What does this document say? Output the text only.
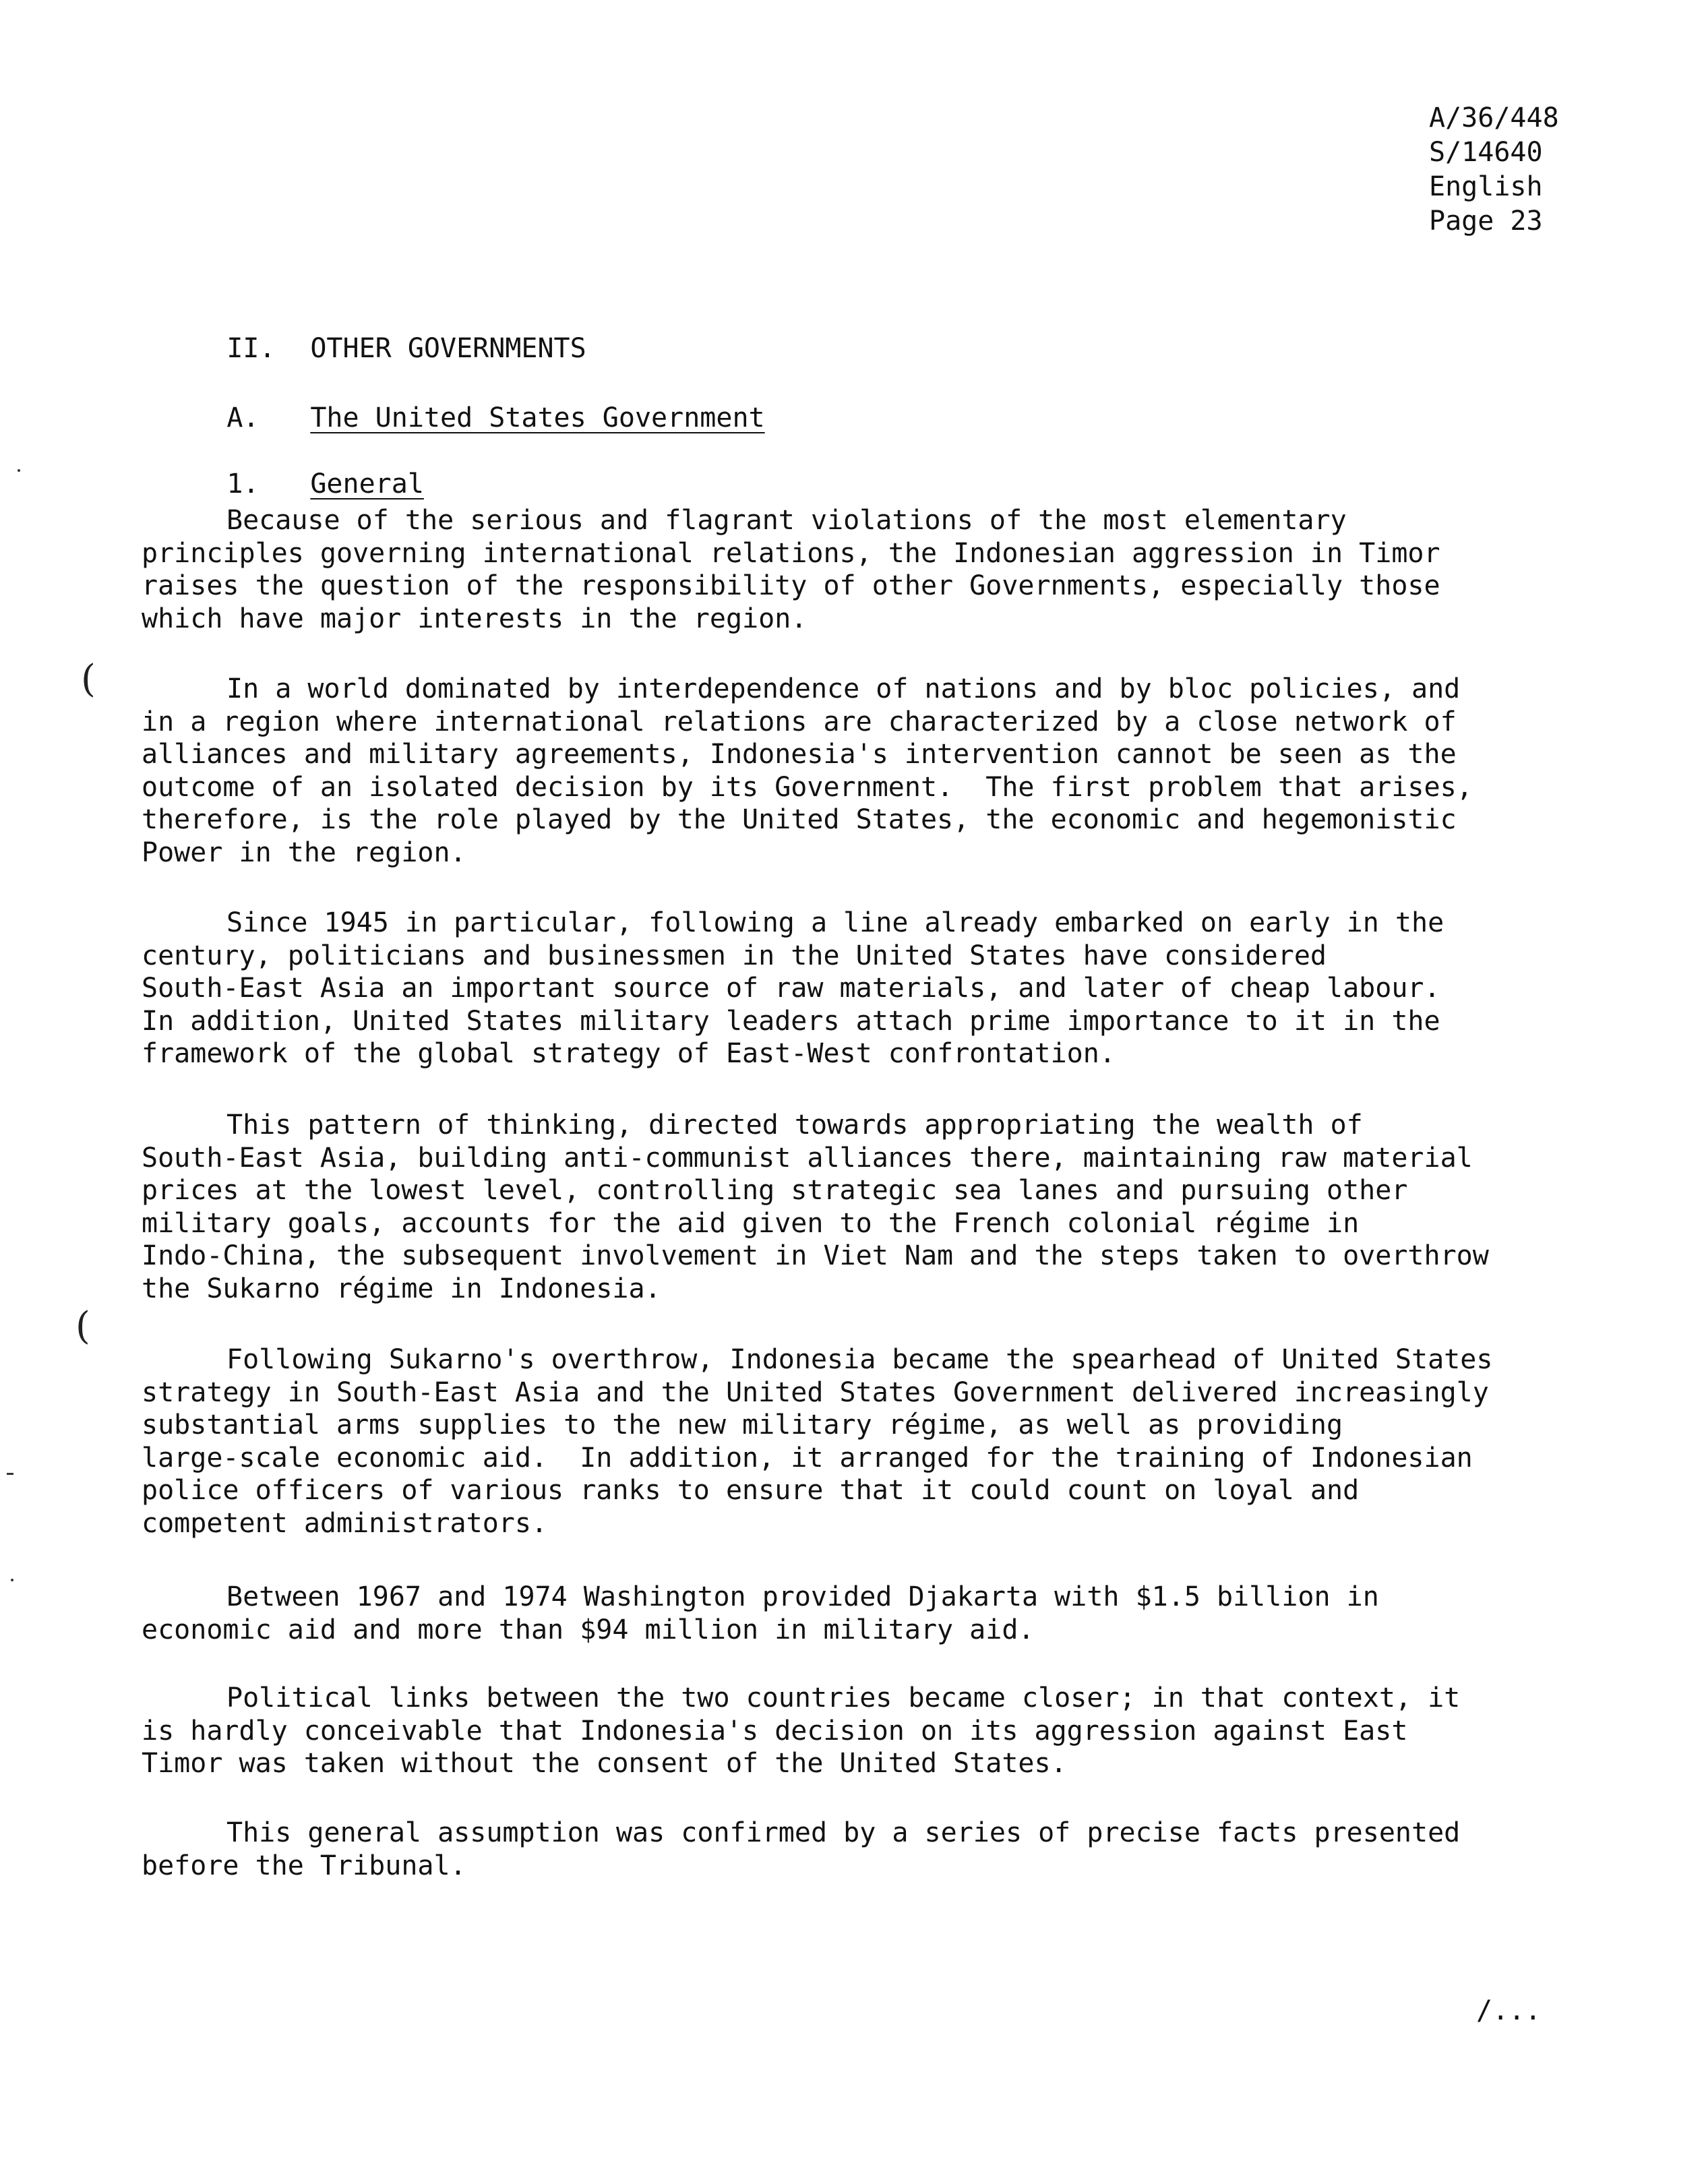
A/36/448
S/14640
English
Page 23

II. OTHER GOVERNMENTS

A. The United States Government

1. General

Because of the serious and flagrant violations of the most elementary
principles governing international relations, the Indonesian aggression in Timor
raises the question of the responsibility of other Governments, especially those
which have major interests in the region.
In a world dominated by interdependence of nations and by bloc policies, and
in a region where international relations are characterized by a close network of
alliances and military agreements, Indonesia's intervention cannot be seen as the
outcome of an isolated decision by its Government.  The first problem that arises,
therefore, is the role played by the United States, the economic and hegemonistic
Power in the region.
Since 1945 in particular, following a line already embarked on early in the
century, politicians and businessmen in the United States have considered
South-East Asia an important source of raw materials, and later of cheap labour.
In addition, United States military leaders attach prime importance to it in the
framework of the global strategy of East-West confrontation.
This pattern of thinking, directed towards appropriating the wealth of
South-East Asia, building anti-communist alliances there, maintaining raw material
prices at the lowest level, controlling strategic sea lanes and pursuing other
military goals, accounts for the aid given to the French colonial régime in
Indo-China, the subsequent involvement in Viet Nam and the steps taken to overthrow
the Sukarno régime in Indonesia.
Following Sukarno's overthrow, Indonesia became the spearhead of United States
strategy in South-East Asia and the United States Government delivered increasingly
substantial arms supplies to the new military régime, as well as providing
large-scale economic aid.  In addition, it arranged for the training of Indonesian
police officers of various ranks to ensure that it could count on loyal and
competent administrators.
Between 1967 and 1974 Washington provided Djakarta with $1.5 billion in
economic aid and more than $94 million in military aid.
Political links between the two countries became closer; in that context, it
is hardly conceivable that Indonesia's decision on its aggression against East
Timor was taken without the consent of the United States.
This general assumption was confirmed by a series of precise facts presented
before the Tribunal.
/...
(
(
